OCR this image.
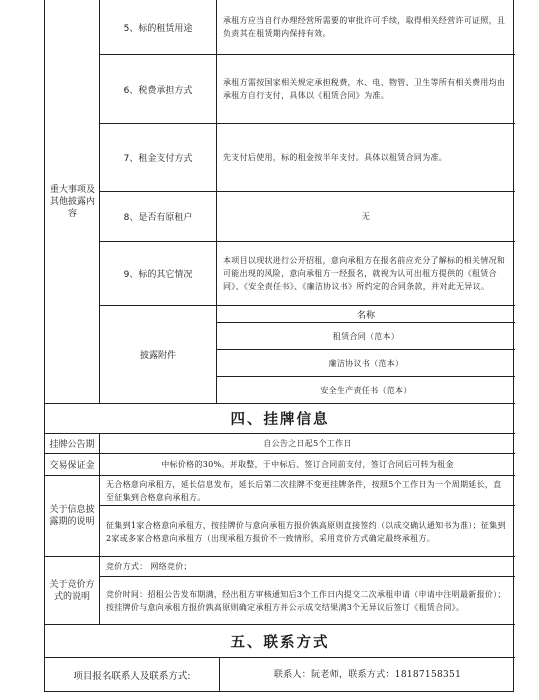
重大事项及其他披露内容
5、标的租赁用途
承租方应当自行办理经营所需要的审批许可手续，取得相关经营许可证照，且负责其在租赁期内保持有效。
6、税费承担方式
承租方需按国家相关规定承担税费，水、电、物管、卫生等所有相关费用均由承租方自行支付，具体以《租赁合同》为准。
7、租金支付方式	先支付后使用，标的租金按半年支付。具体以租赁合同为准。
8、是否有原租户	无
9、标的其它情况
本项目以现状进行公开招租，意向承租方在报名前应充分了解标的相关情况和可能出现的风险，意向承租方一经报名，就视为认可出租方提供的《租赁合同》、《安全责任书》、《廉洁协议书》所约定的合同条款，并对此无异议。
披露附件
名称
租赁合同（范本）
廉洁协议书（范本）
安全生产责任书（范本）
四、挂牌信息
挂牌公告期	自公告之日起5个工作日
交易保证金	中标价格的30%。并取整，于中标后、签订合同前支付，签订合同后可转为租金
关于信息披露期的说明
无合格意向承租方，延长信息发布，延长后第二次挂牌不变更挂牌条件，按照5个工作日为一个周期延长，直至征集到合格意向承租方。
征集到1家合格意向承租方，按挂牌价与意向承租方报价孰高原则直接签约（以成交确认通知书为准）；征集到2家或多家合格意向承租方（出现承租方报价不一致情形，采用竞价方式确定最终承租方。
关于竞价方式的说明
竞价方式： 网络竞价；
竞价时间：招租公告发布期满，经出租方审核通知后3个工作日内提交二次承租申请（申请中注明最新报价）；按挂牌价与意向承租方报价孰高原则确定承租方并公示成交结果满3个无异议后签订《租赁合同》。
五、联系方式
项目报名联系人及联系方式:	联系人：阮老师，联系方式：18187158351
